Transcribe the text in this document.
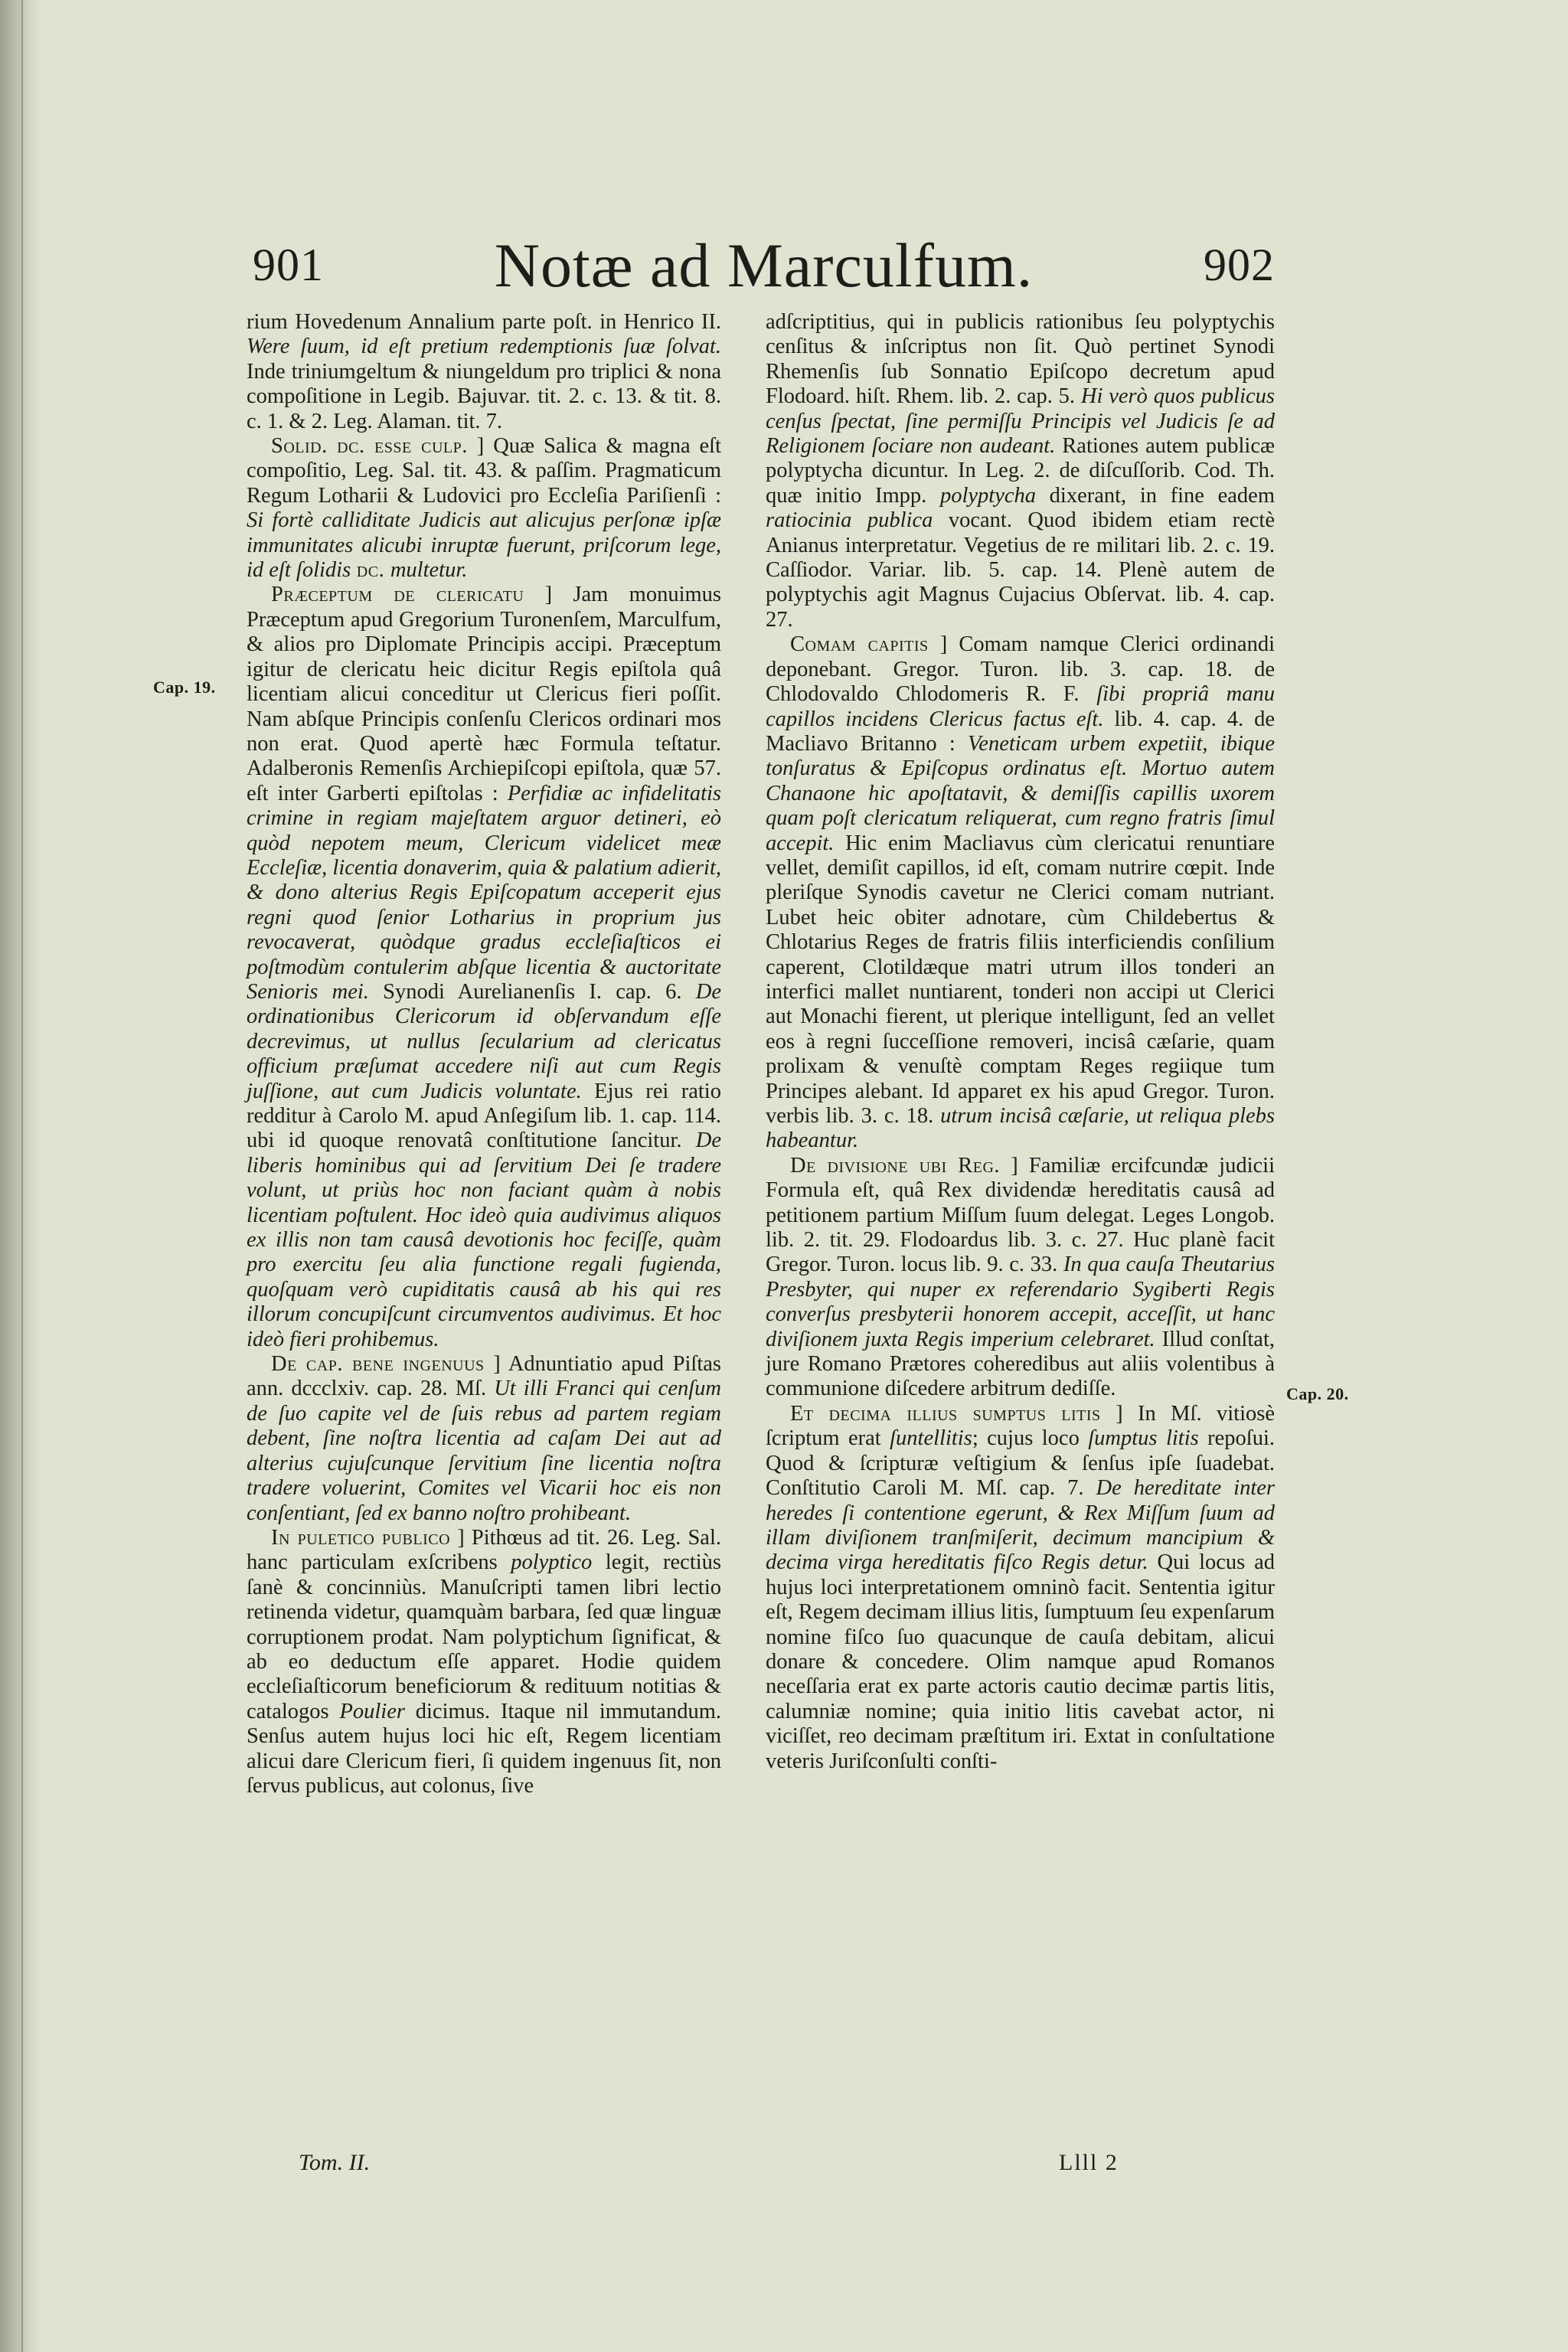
901	Notæ ad Marculfum.	902
Cap. 19.
Cap. 20.

rium Hovedenum Annalium parte poſt. in Henrico II. Were ſuum, id eſt pretium redemptionis ſuæ ſolvat. Inde triniumgeltum & niungeldum pro triplici & nona compoſitione in Legib. Bajuvar. tit. 2. c. 13. & tit. 8. c. 1. & 2. Leg. Alaman. tit. 7.

Solid. dc. esse culp. ] Quæ Salica & magna eſt compoſitio, Leg. Sal. tit. 43. & paſſim. Pragmaticum Regum Lotharii & Ludovici pro Eccleſia Pariſienſi : Si fortè calliditate Judicis aut alicujus perſonæ ipſæ immunitates alicubi inruptæ fuerunt, priſcorum lege, id eſt ſolidis dc. multetur.

Præceptum de clericatu ] Jam monuimus Præceptum apud Gregorium Turonenſem, Marculfum, & alios pro Diplomate Principis accipi. Præceptum igitur de clericatu heic dicitur Regis epiſtola quâ licentiam alicui conceditur ut Clericus fieri poſſit. Nam abſque Principis conſenſu Clericos ordinari mos non erat. Quod apertè hæc Formula teſtatur. Adalberonis Remenſis Archiepiſcopi epiſtola, quæ 57. eſt inter Garberti epiſtolas : Perfidiæ ac infidelitatis crimine in regiam majeſtatem arguor detineri, eò quòd nepotem meum, Clericum videlicet meæ Eccleſiæ, licentia donaverim, quia & palatium adierit, & dono alterius Regis Epiſcopatum acceperit ejus regni quod ſenior Lotharius in proprium jus revocaverat, quòdque gradus eccleſiaſticos ei poſtmodùm contulerim abſque licentia & auctoritate Senioris mei. Synodi Aurelianenſis I. cap. 6. De ordinationibus Clericorum id obſervandum eſſe decrevimus, ut nullus ſecularium ad clericatus officium præſumat accedere niſi aut cum Regis juſſione, aut cum Judicis voluntate. Ejus rei ratio redditur à Carolo M. apud Anſegiſum lib. 1. cap. 114. ubi id quoque renovatâ conſtitutione ſancitur. De liberis hominibus qui ad ſervitium Dei ſe tradere volunt, ut priùs hoc non faciant quàm à nobis licentiam poſtulent. Hoc ideò quia audivimus aliquos ex illis non tam causâ devotionis hoc feciſſe, quàm pro exercitu ſeu alia functione regali fugienda, quoſquam verò cupiditatis causâ ab his qui res illorum concupiſcunt circumventos audivimus. Et hoc ideò fieri prohibemus.

De cap. bene ingenuus ] Adnuntiatio apud Piſtas ann. dccclxiv. cap. 28. Mſ. Ut illi Franci qui cenſum de ſuo capite vel de ſuis rebus ad partem regiam debent, ſine noſtra licentia ad caſam Dei aut ad alterius cujuſcunque ſervitium ſine licentia noſtra tradere voluerint, Comites vel Vicarii hoc eis non conſentiant, ſed ex banno noſtro prohibeant.

In puletico publico ] Pithœus ad tit. 26. Leg. Sal. hanc particulam exſcribens polyptico legit, rectiùs ſanè & concinniùs. Manuſcripti tamen libri lectio retinenda videtur, quamquàm barbara, ſed quæ linguæ corruptionem prodat. Nam polyptichum ſignificat, & ab eo deductum eſſe apparet. Hodie quidem eccleſiaſticorum beneficiorum & redituum notitias & catalogos Poulier dicimus. Itaque nil immutandum. Senſus autem hujus loci hic eſt, Regem licentiam alicui dare Clericum fieri, ſi quidem ingenuus ſit, non ſervus publicus, aut colonus, ſive

adſcriptitius, qui in publicis rationibus ſeu polyptychis cenſitus & inſcriptus non ſit. Quò pertinet Synodi Rhemenſis ſub Sonnatio Epiſcopo decretum apud Flodoard. hiſt. Rhem. lib. 2. cap. 5. Hi verò quos publicus cenſus ſpectat, ſine permiſſu Principis vel Judicis ſe ad Religionem ſociare non audeant. Rationes autem publicæ polyptycha dicuntur. In Leg. 2. de diſcuſſorib. Cod. Th. quæ initio Impp. polyptycha dixerant, in fine eadem ratiocinia publica vocant. Quod ibidem etiam rectè Anianus interpretatur. Vegetius de re militari lib. 2. c. 19. Caſſiodor. Variar. lib. 5. cap. 14. Plenè autem de polyptychis agit Magnus Cujacius Obſervat. lib. 4. cap. 27.

Comam capitis ] Comam namque Clerici ordinandi deponebant. Gregor. Turon. lib. 3. cap. 18. de Chlodovaldo Chlodomeris R. F. ſibi propriâ manu capillos incidens Clericus factus eſt. lib. 4. cap. 4. de Macliavo Britanno : Veneticam urbem expetiit, ibique tonſuratus & Epiſcopus ordinatus eſt. Mortuo autem Chanaone hic apoſtatavit, & demiſſis capillis uxorem quam poſt clericatum reliquerat, cum regno fratris ſimul accepit. Hic enim Macliavus cùm clericatui renuntiare vellet, demiſit capillos, id eſt, comam nutrire cœpit. Inde pleriſque Synodis cavetur ne Clerici comam nutriant. Lubet heic obiter adnotare, cùm Childebertus & Chlotarius Reges de fratris filiis interficiendis conſilium caperent, Clotildæque matri utrum illos tonderi an interfici mallet nuntiarent, tonderi non accipi ut Clerici aut Monachi fierent, ut plerique intelligunt, ſed an vellet eos à regni ſucceſſione removeri, incisâ cæſarie, quam prolixam & venuſtè comptam Reges regiique tum Principes alebant. Id apparet ex his apud Gregor. Turon. verbis lib. 3. c. 18. utrum incisâ cæſarie, ut reliqua plebs habeantur.

De divisione ubi Reg. ] Familiæ ercifcundæ judicii Formula eſt, quâ Rex dividendæ hereditatis causâ ad petitionem partium Miſſum ſuum delegat. Leges Longob. lib. 2. tit. 29. Flodoardus lib. 3. c. 27. Huc planè facit Gregor. Turon. locus lib. 9. c. 33. In qua cauſa Theutarius Presbyter, qui nuper ex referendario Sygiberti Regis converſus presbyterii honorem accepit, acceſſit, ut hanc diviſionem juxta Regis imperium celebraret. Illud conſtat, jure Romano Prætores coheredibus aut aliis volentibus à communione diſcedere arbitrum dediſſe.

Et decima illius sumptus litis ] In Mſ. vitiosè ſcriptum erat ſuntellitis; cujus loco ſumptus litis repoſui. Quod & ſcripturæ veſtigium & ſenſus ipſe ſuadebat. Conſtitutio Caroli M. Mſ. cap. 7. De hereditate inter heredes ſi contentione egerunt, & Rex Miſſum ſuum ad illam diviſionem tranſmiſerit, decimum mancipium & decima virga hereditatis fiſco Regis detur. Qui locus ad hujus loci interpretationem omninò facit. Sententia igitur eſt, Regem decimam illius litis, ſumptuum ſeu expenſarum nomine fiſco ſuo quacunque de cauſa debitam, alicui donare & concedere. Olim namque apud Romanos neceſſaria erat ex parte actoris cautio decimæ partis litis, calumniæ nomine; quia initio litis cavebat actor, ni viciſſet, reo decimam præſtitum iri. Extat in conſultatione veteris Juriſconſulti conſti-

Tom. II.	Llll 2
